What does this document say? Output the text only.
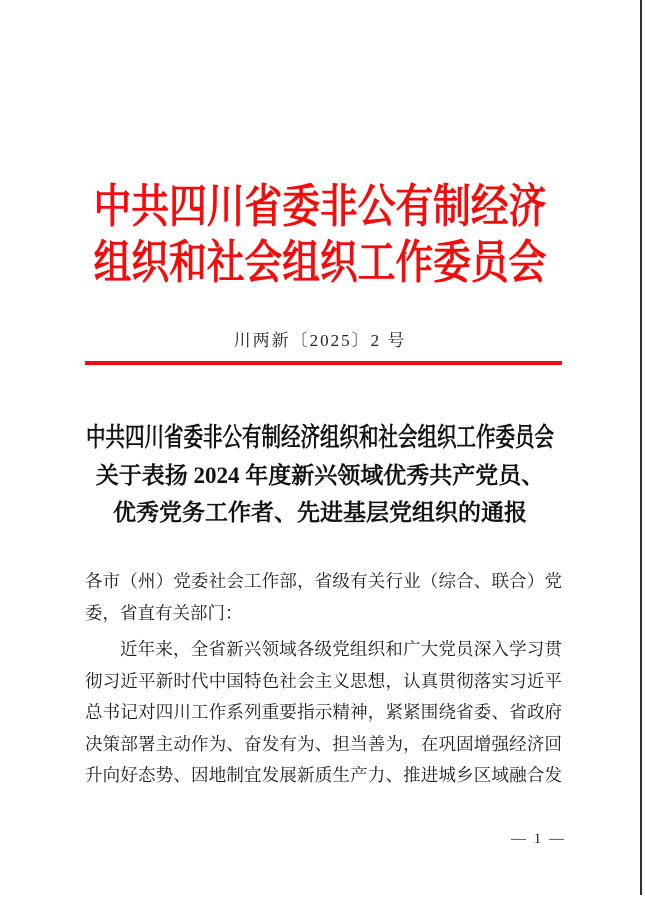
中共四川省委非公有制经济
组织和社会组织工作委员会
川两新〔2025〕2 号
中共四川省委非公有制经济组织和社会组织工作委员会
关于表扬 2024 年度新兴领域优秀共产党员、
优秀党务工作者、先进基层党组织的通报
各市（州）党委社会工作部，省级有关行业（综合、联合）党
委，省直有关部门：
近年来，全省新兴领域各级党组织和广大党员深入学习贯
彻习近平新时代中国特色社会主义思想，认真贯彻落实习近平
总书记对四川工作系列重要指示精神，紧紧围绕省委、省政府
决策部署主动作为、奋发有为、担当善为，在巩固增强经济回
升向好态势、因地制宜发展新质生产力、推进城乡区域融合发
— 1 —
